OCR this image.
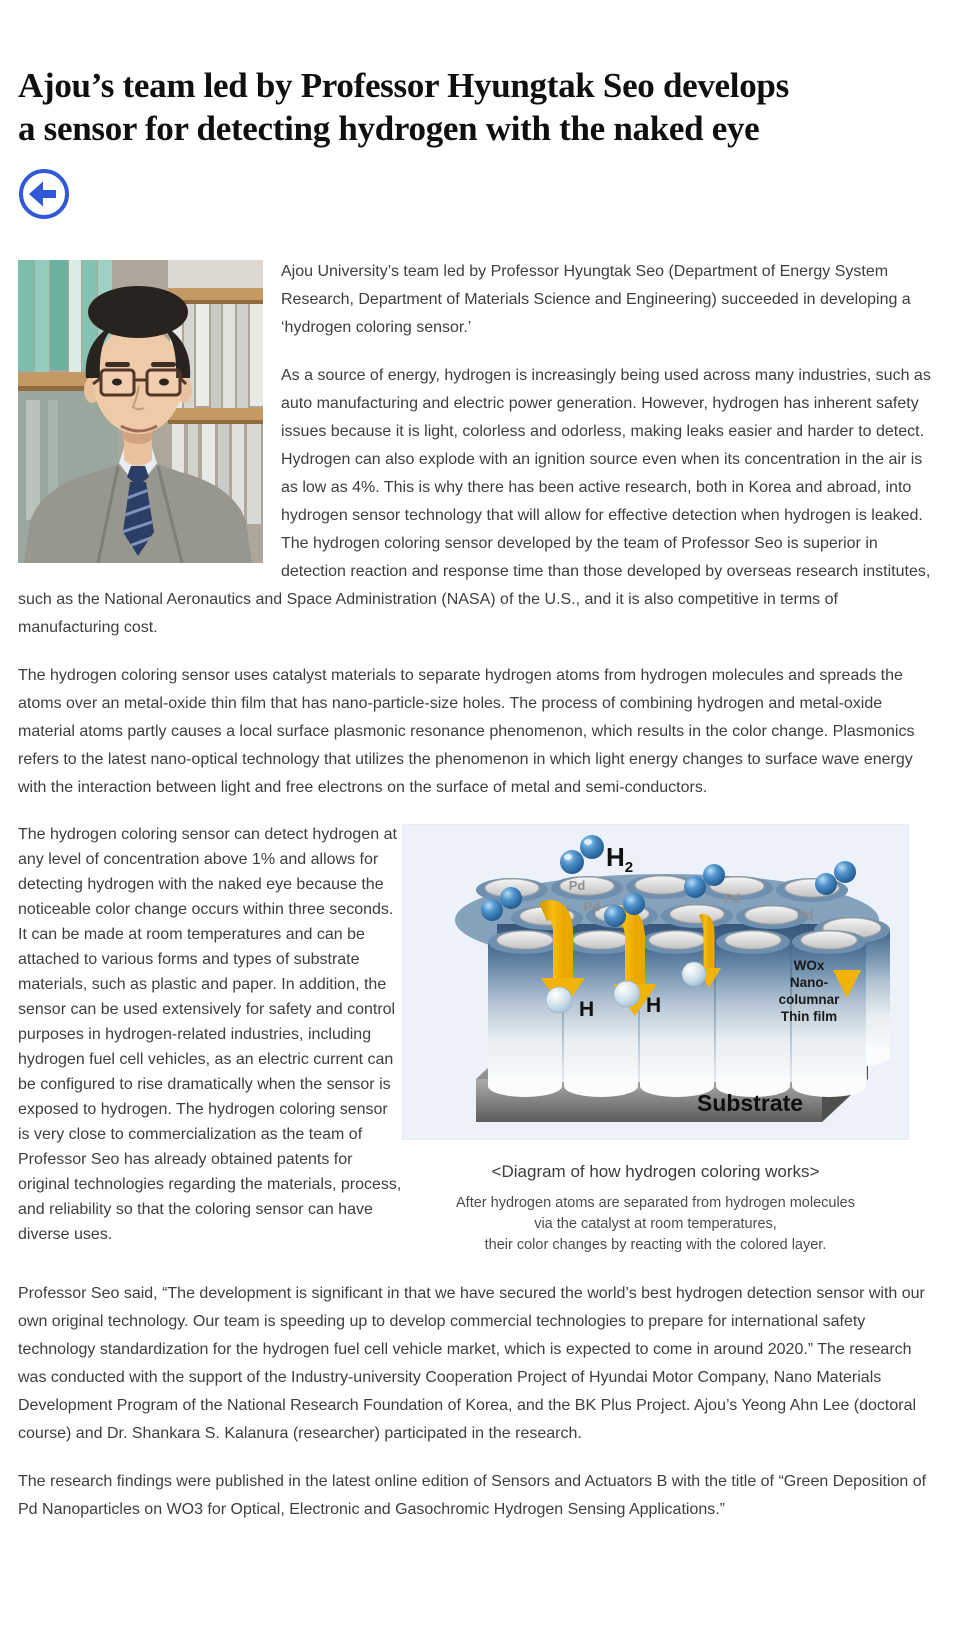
Ajou’s team led by Professor Hyungtak Seo develops
a sensor for detecting hydrogen with the naked eye

Ajou University’s team led by Professor Hyungtak Seo (Department of Energy System Research, Department of Materials Science and Engineering) succeeded in developing a ‘hydrogen coloring sensor.’

As a source of energy, hydrogen is increasingly being used across many industries, such as auto manufacturing and electric power generation. However, hydrogen has inherent safety issues because it is light, colorless and odorless, making leaks easier and harder to detect. Hydrogen can also explode with an ignition source even when its concentration in the air is as low as 4%. This is why there has been active research, both in Korea and abroad, into hydrogen sensor technology that will allow for effective detection when hydrogen is leaked. The hydrogen coloring sensor developed by the team of Professor Seo is superior in detection reaction and response time than those developed by overseas research institutes, such as the National Aeronautics and Space Administration (NASA) of the U.S., and it is also competitive in terms of manufacturing cost.

The hydrogen coloring sensor uses catalyst materials to separate hydrogen atoms from hydrogen molecules and spreads the atoms over an metal-oxide thin film that has nano-particle-size holes. The process of combining hydrogen and metal-oxide material atoms partly causes a local surface plasmonic resonance phenomenon, which results in the color change. Plasmonics refers to the latest nano-optical technology that utilizes the phenomenon in which light energy changes to surface wave energy with the interaction between light and free electrons on the surface of metal and semi-conductors.

Pd
Pd
Pd
Pd
H2
H H
WOx
Nano-
columnar
Thin film
Substrate
<Diagram of how hydrogen coloring works>
After hydrogen atoms are separated from hydrogen molecules
via the catalyst at room temperatures,
their color changes by reacting with the colored layer.

The hydrogen coloring sensor can detect hydrogen at any level of concentration above 1% and allows for detecting hydrogen with the naked eye because the noticeable color change occurs within three seconds. It can be made at room temperatures and can be attached to various forms and types of substrate materials, such as plastic and paper. In addition, the sensor can be used extensively for safety and control purposes in hydrogen-related industries, including hydrogen fuel cell vehicles, as an electric current can be configured to rise dramatically when the sensor is exposed to hydrogen. The hydrogen coloring sensor is very close to commercialization as the team of Professor Seo has already obtained patents for original technologies regarding the materials, process, and reliability so that the coloring sensor can have diverse uses.

Professor Seo said, “The development is significant in that we have secured the world’s best hydrogen detection sensor with our own original technology. Our team is speeding up to develop commercial technologies to prepare for international safety technology standardization for the hydrogen fuel cell vehicle market, which is expected to come in around 2020.” The research was conducted with the support of the Industry-university Cooperation Project of Hyundai Motor Company, Nano Materials Development Program of the National Research Foundation of Korea, and the BK Plus Project. Ajou’s Yeong Ahn Lee (doctoral course) and Dr. Shankara S. Kalanura (researcher) participated in the research.

The research findings were published in the latest online edition of Sensors and Actuators B with the title of “Green Deposition of Pd Nanoparticles on WO3 for Optical, Electronic and Gasochromic Hydrogen Sensing Applications.”
